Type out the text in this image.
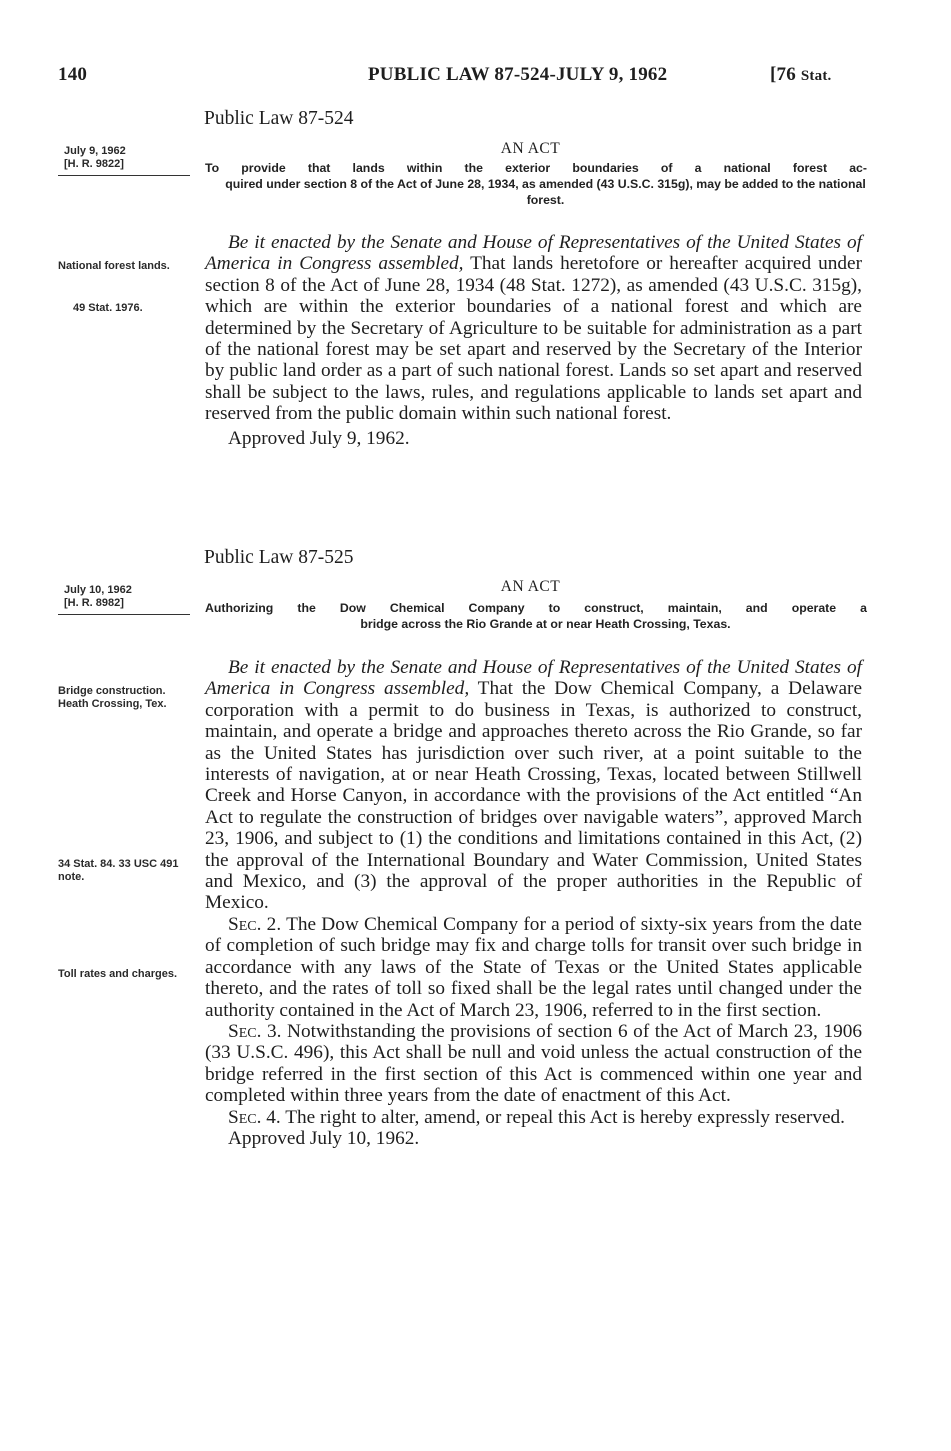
140	PUBLIC LAW 87-524-JULY 9, 1962	[76 Stat.
Public Law 87-524
AN ACT
July 9, 1962
[H. R. 9822]	To provide that lands within the exterior boundaries of a national forest ac-
quired under section 8 of the Act of June 28, 1934, as amended (43 U.S.C. 315g), may be added to the national forest.
National forest lands.
49 Stat. 1976.

Be it enacted by the Senate and House of Representatives of the United States of America in Congress assembled, That lands heretofore or hereafter acquired under section 8 of the Act of June 28, 1934 (48 Stat. 1272), as amended (43 U.S.C. 315g), which are within the exterior boundaries of a national forest and which are determined by the Secretary of Agriculture to be suitable for administration as a part of the national forest may be set apart and reserved by the Secretary of the Interior by public land order as a part of such national forest. Lands so set apart and reserved shall be subject to the laws, rules, and regulations applicable to lands set apart and reserved from the public domain within such national forest.

Approved July 9, 1962.
Public Law 87-525
AN ACT
July 10, 1962
[H. R. 8982]	Authorizing the Dow Chemical Company to construct, maintain, and operate a
bridge across the Rio Grande at or near Heath Crossing, Texas.
Bridge construction. Heath Crossing, Tex.
34 Stat. 84. 33 USC 491 note.
Toll rates and charges.

Be it enacted by the Senate and House of Representatives of the United States of America in Congress assembled, That the Dow Chemical Company, a Delaware corporation with a permit to do business in Texas, is authorized to construct, maintain, and operate a bridge and approaches thereto across the Rio Grande, so far as the United States has jurisdiction over such river, at a point suitable to the interests of navigation, at or near Heath Crossing, Texas, located between Stillwell Creek and Horse Canyon, in accordance with the provisions of the Act entitled “An Act to regulate the construction of bridges over navigable waters”, approved March 23, 1906, and subject to (1) the conditions and limitations contained in this Act, (2) the approval of the International Boundary and Water Commission, United States and Mexico, and (3) the approval of the proper authorities in the Republic of Mexico.

Sec. 2. The Dow Chemical Company for a period of sixty-six years from the date of completion of such bridge may fix and charge tolls for transit over such bridge in accordance with any laws of the State of Texas or the United States applicable thereto, and the rates of toll so fixed shall be the legal rates until changed under the authority contained in the Act of March 23, 1906, referred to in the first section.

Sec. 3. Notwithstanding the provisions of section 6 of the Act of March 23, 1906 (33 U.S.C. 496), this Act shall be null and void unless the actual construction of the bridge referred in the first section of this Act is commenced within one year and completed within three years from the date of enactment of this Act.

Sec. 4. The right to alter, amend, or repeal this Act is hereby expressly reserved.

Approved July 10, 1962.
